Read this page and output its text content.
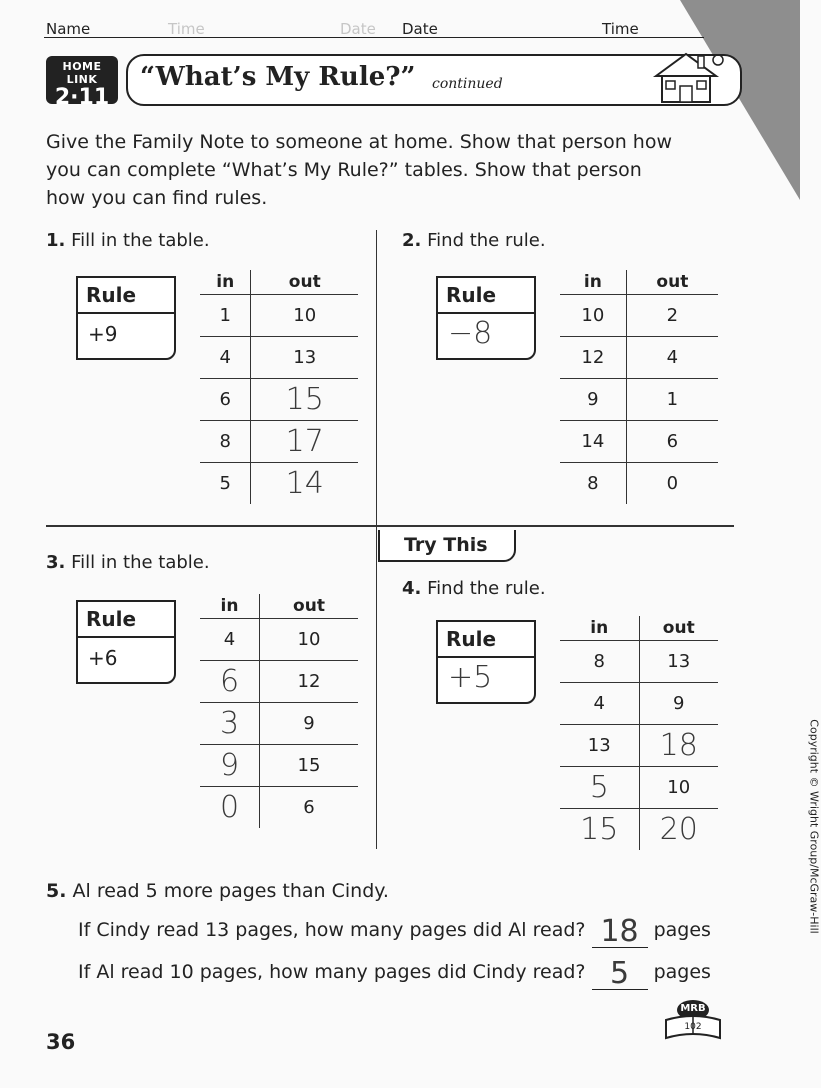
Name	Time	Date Date	Time
HOME LINK
2·11
“What’s My Rule?” continued
Give the Family Note to someone at home. Show that person how you can complete “What’s My Rule?” tables. Show that person how you can find rules.
1. Fill in the table.
Rule
+9
in	out
1	10
4	13
6	15
8	17
5	14
2. Find the rule.
Rule
−8
in	out
10	2
12	4
9	1
14	6
8	0
3. Fill in the table.
Rule
+6
in	out
4	10
6	12
3	9
9	15
0	6
Try This
4. Find the rule.
Rule
+5
in	out
8	13
4	9
13	18
5	10
15	20
5. Al read 5 more pages than Cindy.
If Cindy read 13 pages, how many pages did Al read? 18 pages
If Al read 10 pages, how many pages did Cindy read? 5 pages
36
Copyright © Wright Group/McGraw-Hill
MRB
102
